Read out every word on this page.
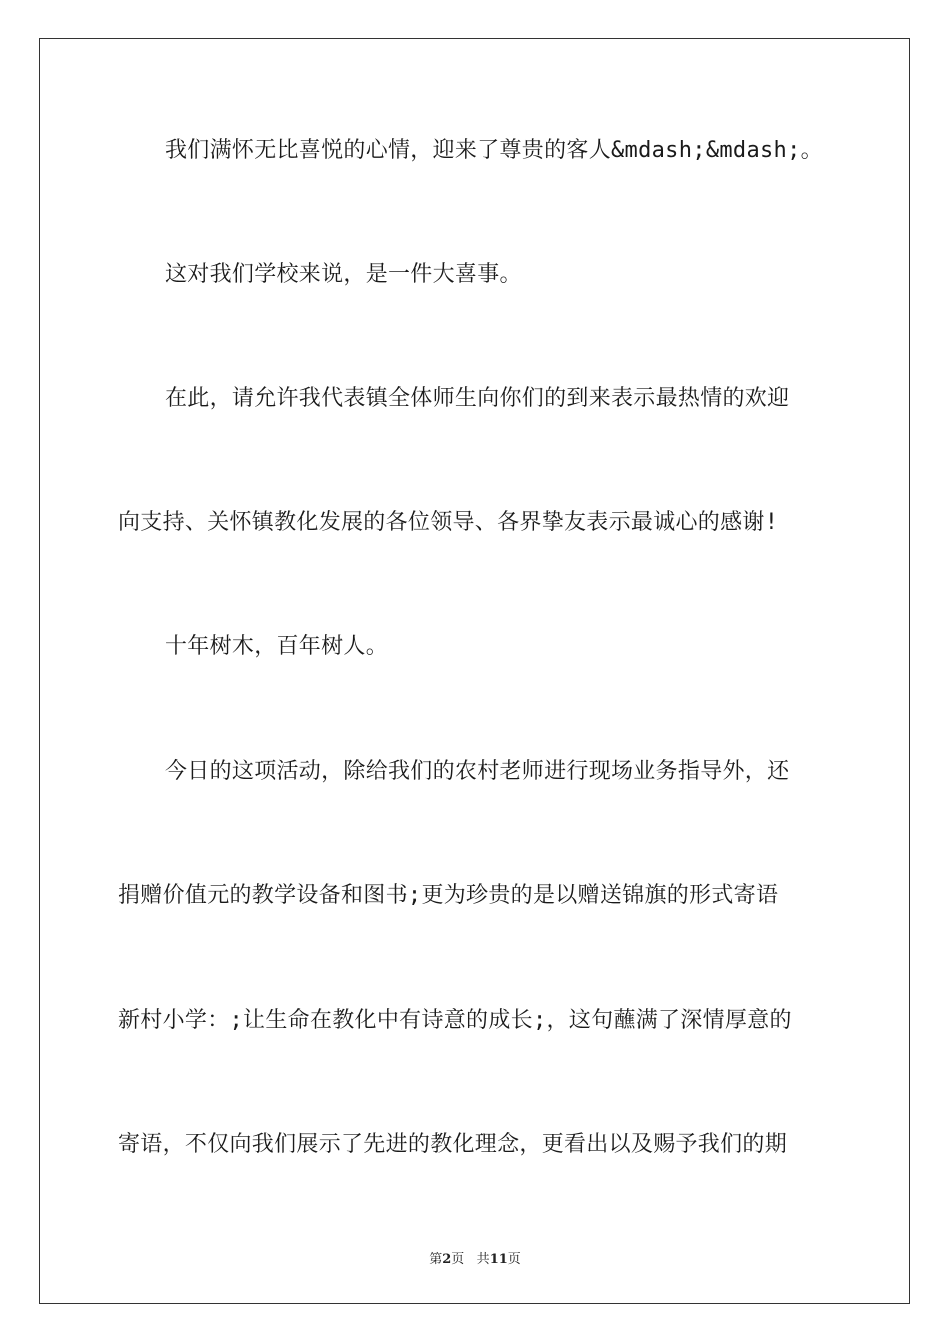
我们满怀无比喜悦的心情，迎来了尊贵的客人&mdash;&mdash;。

这对我们学校来说，是一件大喜事。

在此，请允许我代表镇全体师生向你们的到来表示最热情的欢迎

向支持、关怀镇教化发展的各位领导、各界挚友表示最诚心的感谢!

十年树木，百年树人。

今日的这项活动，除给我们的农村老师进行现场业务指导外，还

捐赠价值元的教学设备和图书;更为珍贵的是以赠送锦旗的形式寄语

新村小学：;让生命在教化中有诗意的成长;，这句蘸满了深情厚意的

寄语，不仅向我们展示了先进的教化理念，更看出以及赐予我们的期

第2页 共11页
